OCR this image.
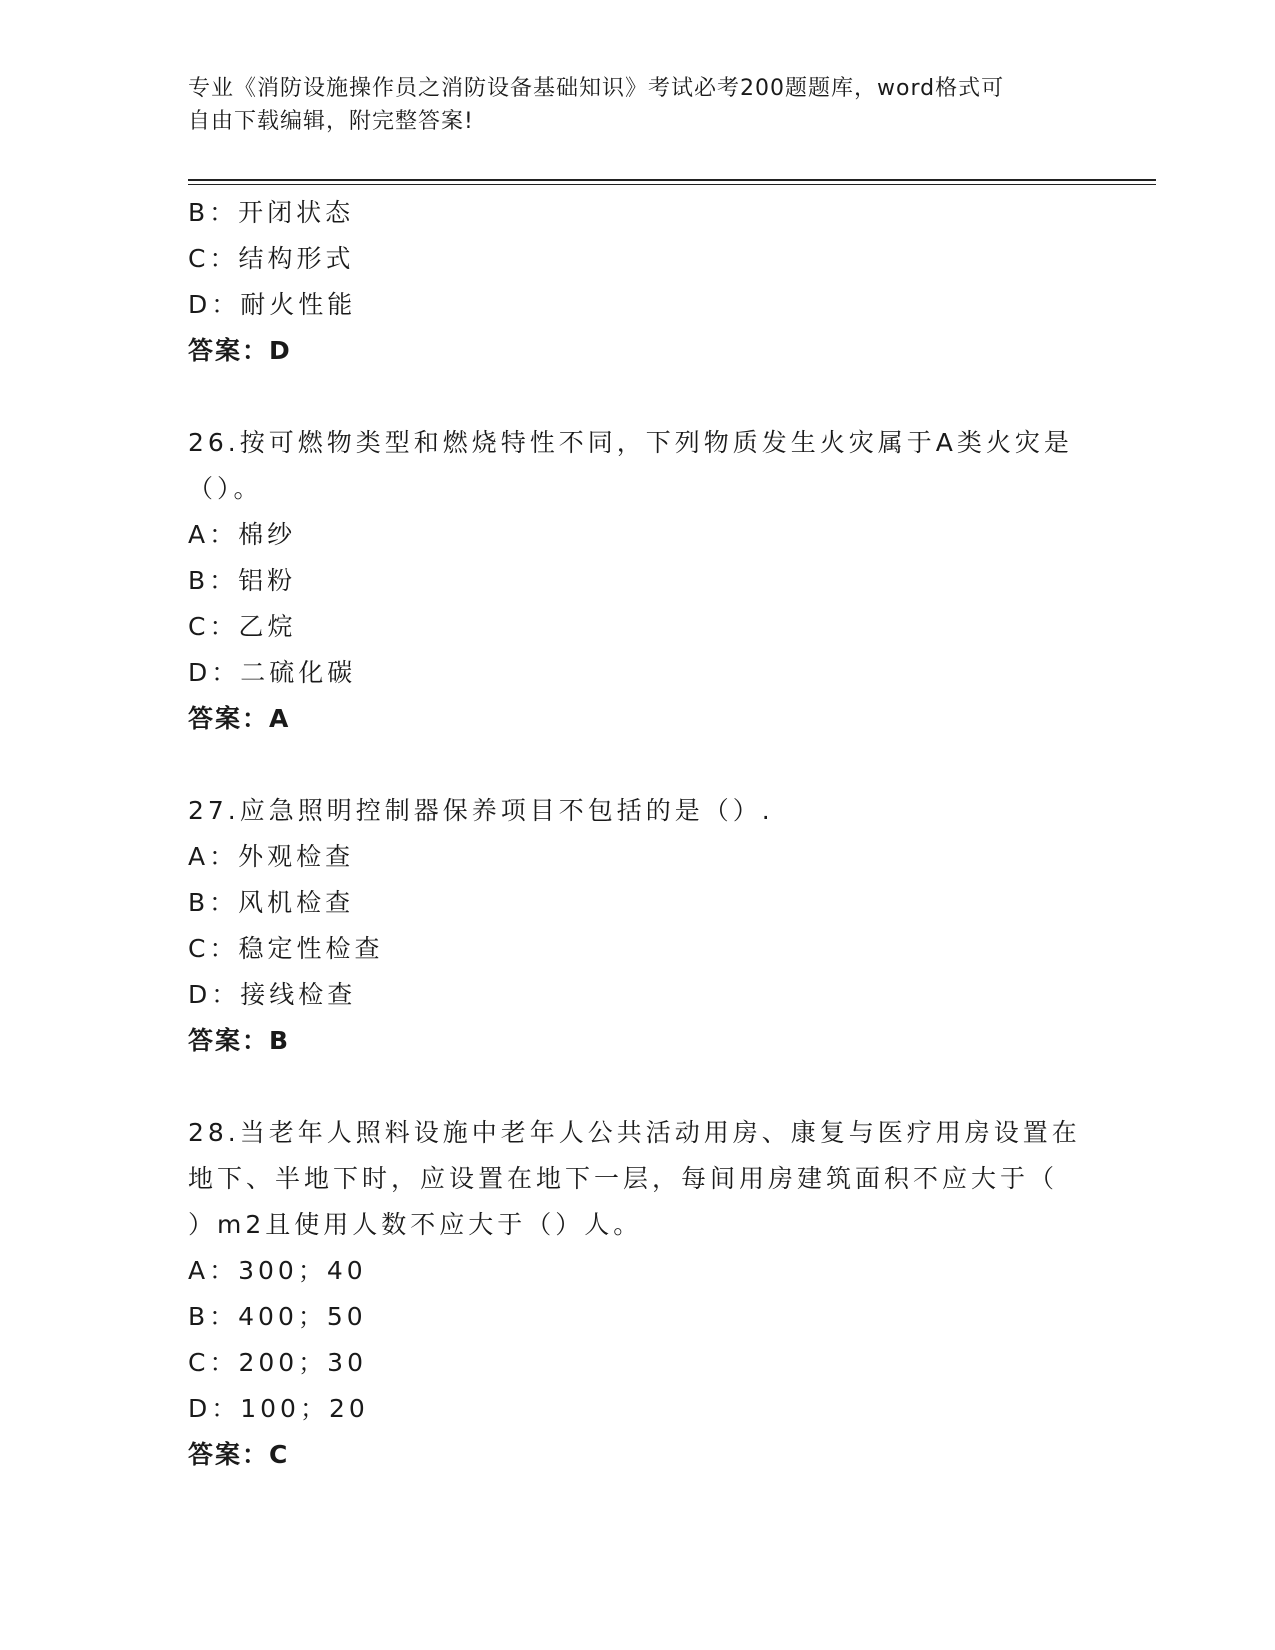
专业《消防设施操作员之消防设备基础知识》考试必考200题题库，word格式可
自由下载编辑，附完整答案!
B：开闭状态
C：结构形式
D：耐火性能
答案：D
26.按可燃物类型和燃烧特性不同，下列物质发生火灾属于A类火灾是
（）。
A：棉纱
B：铝粉
C：乙烷
D：二硫化碳
答案：A
27.应急照明控制器保养项目不包括的是（）.
A：外观检查
B：风机检查
C：稳定性检查
D：接线检查
答案：B
28.当老年人照料设施中老年人公共活动用房、康复与医疗用房设置在
地下、半地下时，应设置在地下一层，每间用房建筑面积不应大于（
）m2且使用人数不应大于（）人。
A：300；40
B：400；50
C：200；30
D：100；20
答案：C
